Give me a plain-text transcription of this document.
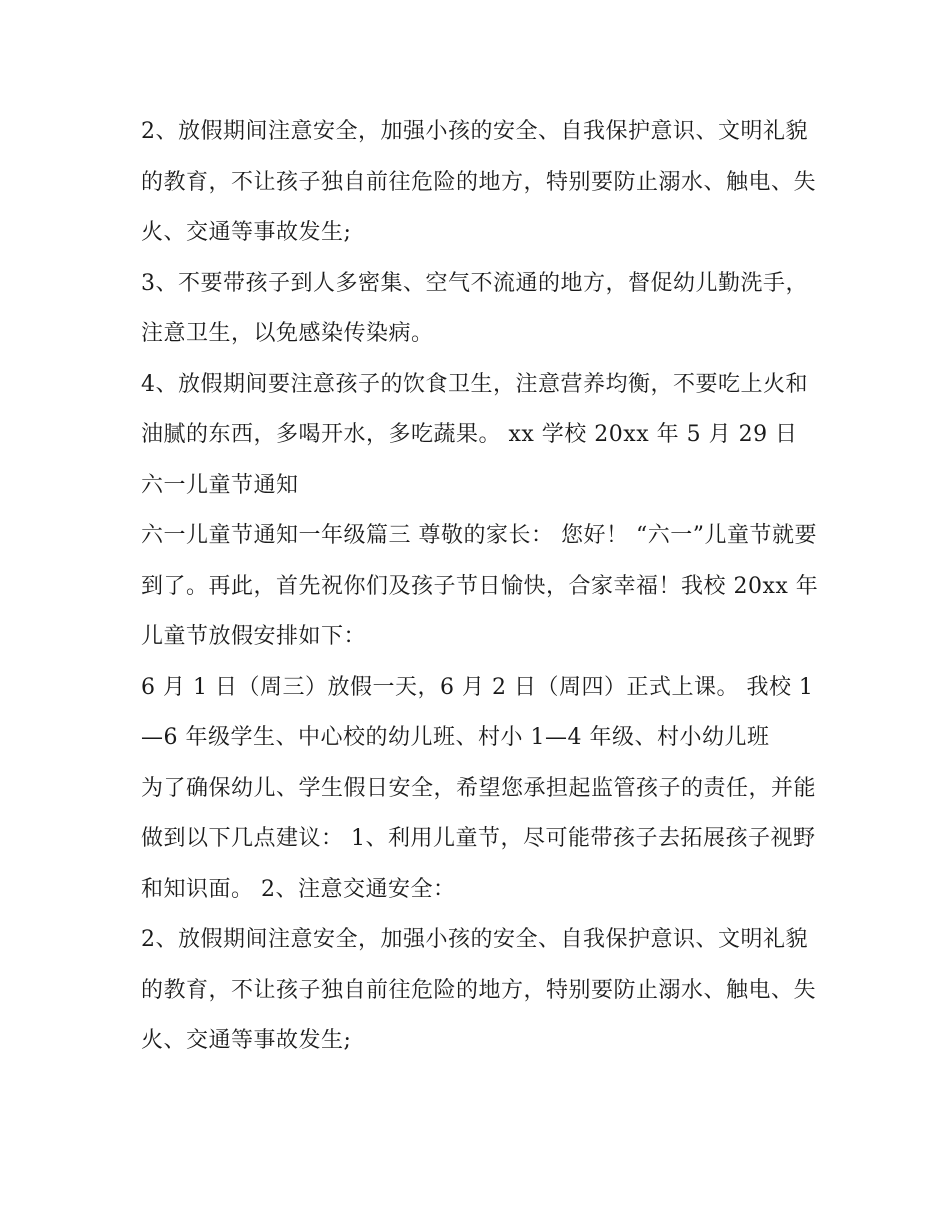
2、放假期间注意安全，加强小孩的安全、自我保护意识、文明礼貌的教育，不让孩子独自前往危险的地方，特别要防止溺水、触电、失火、交通等事故发生;

3、不要带孩子到人多密集、空气不流通的地方，督促幼儿勤洗手，注意卫生，以免感染传染病。

4、放假期间要注意孩子的饮食卫生，注意营养均衡，不要吃上火和油腻的东西，多喝开水，多吃蔬果。 xx 学校 20xx 年 5 月 29 日 六一儿童节通知

六一儿童节通知一年级篇三 尊敬的家长： 您好！ “六一”儿童节就要到了。再此，首先祝你们及孩子节日愉快，合家幸福！我校 20xx 年儿童节放假安排如下：

6 月 1 日（周三）放假一天，6 月 2 日（周四）正式上课。 我校 1—6 年级学生、中心校的幼儿班、村小 1—4 年级、村小幼儿班

为了确保幼儿、学生假日安全，希望您承担起监管孩子的责任，并能做到以下几点建议： 1、利用儿童节，尽可能带孩子去拓展孩子视野和知识面。 2、注意交通安全：

2、放假期间注意安全，加强小孩的安全、自我保护意识、文明礼貌的教育，不让孩子独自前往危险的地方，特别要防止溺水、触电、失火、交通等事故发生;
